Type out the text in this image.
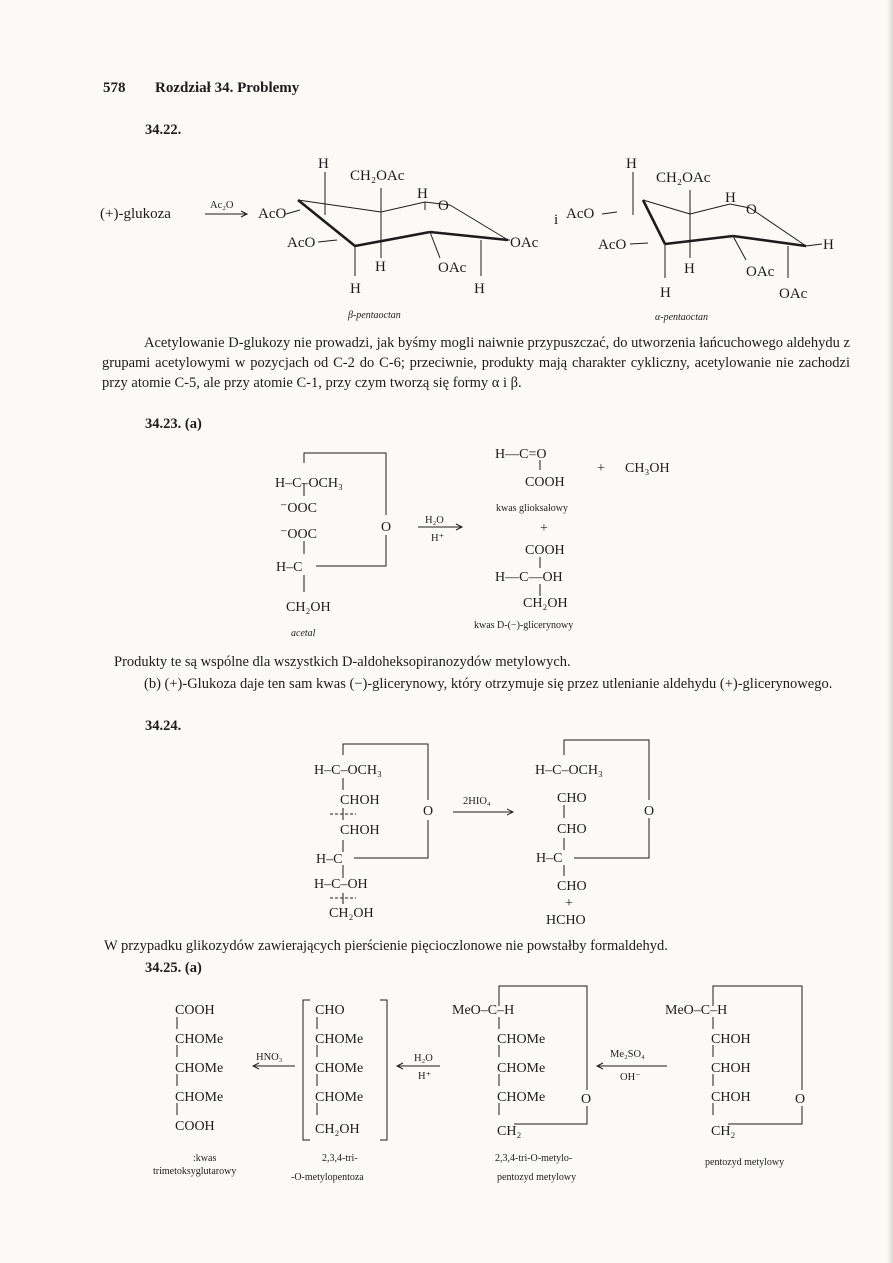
578 Rozdział 34. Problemy
34.22.
(+)-glukoza
Ac₂O
H
CH₂OAc
H
O
AcO
AcO	OAc
H	OAc
H	H
β-pentaoctan
i
H
CH₂OAc
H
O
AcO
AcO	H
H	OAc
H	OAc
α-pentaoctan
Acetylowanie D-glukozy nie prowadzi, jak byśmy mogli naiwnie przypuszczać, do utworzenia łańcuchowego aldehydu z grupami acetylowymi w pozycjach od C-2 do C-6; przeciwnie, produkty mają charakter cykliczny, acetylowanie nie zachodzi przy atomie C-5, ale przy atomie C-1, przy czym tworzą się formy α i β.
34.23. (a)
H‒C‒OCH₃
⁻OOC
⁻OOC
H‒C
CH₂OH
O
acetal
H₂O
H⁺
H—C=O
COOH
kwas glioksalowy
+ CH₃OH
+
COOH
H—C—OH
CH₂OH
kwas D-(−)-glicerynowy
Produkty te są wspólne dla wszystkich D-aldoheksopiranozydów metylowych.
(b) (+)-Glukoza daje ten sam kwas (−)-glicerynowy, który otrzymuje się przez utlenianie aldehydu (+)-glicerynowego.
34.24.
H‒C‒OCH₃
CHOH
CHOH
H‒C
H‒C‒OH
CH₂OH
O
2HIO₄
H‒C‒OCH₃
CHO
CHO
H‒C
CHO
+
HCHO
O
W przypadku glikozydów zawierających pierścienie pięcioczlonowe nie powstałby formaldehyd.
34.25. (a)
COOH
CHOMe
CHOMe
CHOMe
COOH
:kwas
trimetoksyglutarowy
HNO₃
CHO
CHOMe
CHOMe
CHOMe
CH₂OH
2,3,4-tri-
-O-metylopentoza
H₂O
H⁺
MeO‒C‒H
CHOMe
CHOMe
CHOMe
CH₂
O
2,3,4-tri-O-metylo-
pentozyd metylowy
Me₂SO₄
OH⁻
MeO‒C‒H
CHOH
CHOH
CHOH
CH₂
O
pentozyd metylowy
